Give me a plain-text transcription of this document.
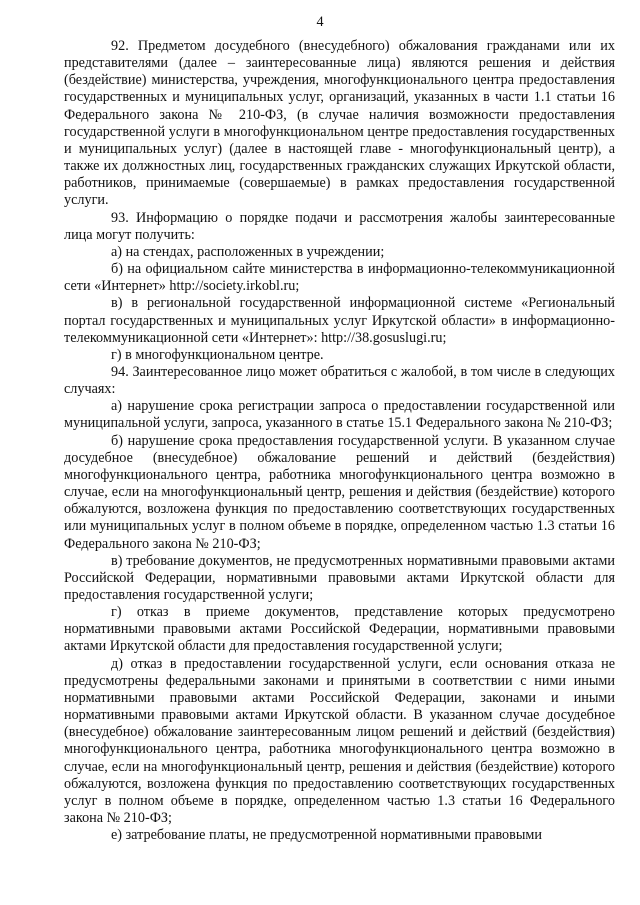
4

92. Предметом досудебного (внесудебного) обжалования гражданами или их представителями (далее – заинтересованные лица) являются решения и действия (бездействие) министерства, учреждения, многофункционального центра предоставления государственных и муниципальных услуг, организаций, указанных в части 1.1 статьи 16 Федерального закона № 210-ФЗ, (в случае наличия возможности предоставления государственной услуги в многофункциональном центре предоставления государственных и муниципальных услуг) (далее в настоящей главе - многофункциональный центр), а также их должностных лиц, государственных гражданских служащих Иркутской области, работников, принимаемые (совершаемые) в рамках предоставления государственной услуги.

93. Информацию о порядке подачи и рассмотрения жалобы заинтересованные лица могут получить:

а) на стендах, расположенных в учреждении;

б) на официальном сайте министерства в информационно-телекоммуникационной сети «Интернет» http://society.irkobl.ru;

в) в региональной государственной информационной системе «Региональный портал государственных и муниципальных услуг Иркутской области» в информационно-телекоммуникационной сети «Интернет»: http://38.gosuslugi.ru;

г) в многофункциональном центре.

94. Заинтересованное лицо может обратиться с жалобой, в том числе в следующих случаях:

а) нарушение срока регистрации запроса о предоставлении государственной или муниципальной услуги, запроса, указанного в статье 15.1 Федерального закона № 210-ФЗ;

б) нарушение срока предоставления государственной услуги. В указанном случае досудебное (внесудебное) обжалование решений и действий (бездействия) многофункционального центра, работника многофункционального центра возможно в случае, если на многофункциональный центр, решения и действия (бездействие) которого обжалуются, возложена функция по предоставлению соответствующих государственных или муниципальных услуг в полном объеме в порядке, определенном частью 1.3 статьи 16 Федерального закона № 210-ФЗ;

в) требование документов, не предусмотренных нормативными правовыми актами Российской Федерации, нормативными правовыми актами Иркутской области для предоставления государственной услуги;

г) отказ в приеме документов, представление которых предусмотрено нормативными правовыми актами Российской Федерации, нормативными правовыми актами Иркутской области для предоставления государственной услуги;

д) отказ в предоставлении государственной услуги, если основания отказа не предусмотрены федеральными законами и принятыми в соответствии с ними иными нормативными правовыми актами Российской Федерации, законами и иными нормативными правовыми актами Иркутской области. В указанном случае досудебное (внесудебное) обжалование заинтересованным лицом решений и действий (бездействия) многофункционального центра, работника многофункционального центра возможно в случае, если на многофункциональный центр, решения и действия (бездействие) которого обжалуются, возложена функция по предоставлению соответствующих государственных услуг в полном объеме в порядке, определенном частью 1.3 статьи 16 Федерального закона № 210-ФЗ;

е) затребование платы, не предусмотренной нормативными правовыми
